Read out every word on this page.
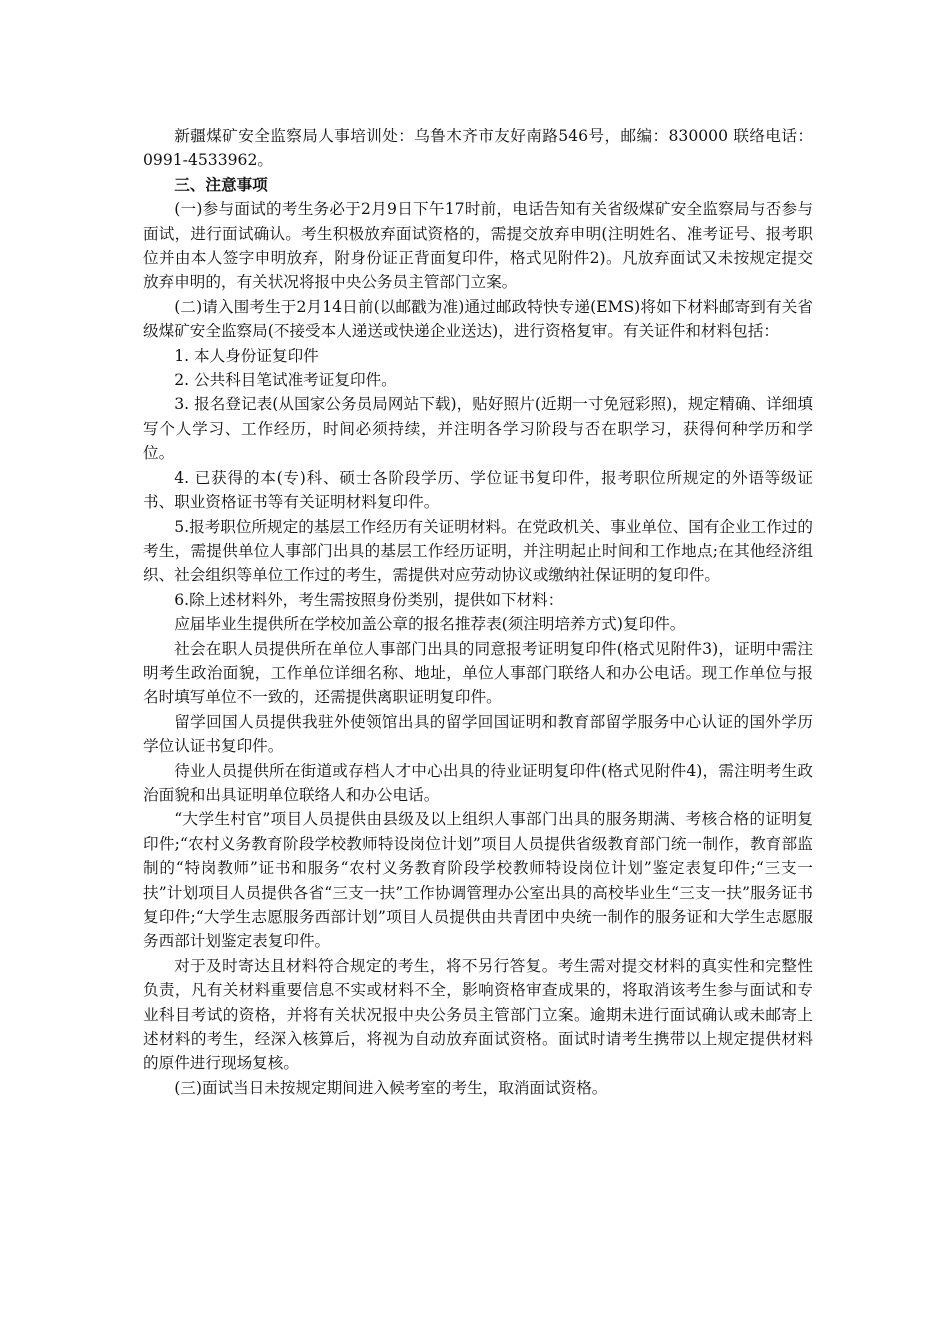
新疆煤矿安全监察局人事培训处：乌鲁木齐市友好南路546号，邮编：830000 联络电话：0991-4533962。

三、注意事项

(一)参与面试的考生务必于2月9日下午17时前，电话告知有关省级煤矿安全监察局与否参与面试，进行面试确认。考生积极放弃面试资格的，需提交放弃申明(注明姓名、准考证号、报考职位并由本人签字申明放弃，附身份证正背面复印件，格式见附件2)。凡放弃面试又未按规定提交放弃申明的，有关状况将报中央公务员主管部门立案。

(二)请入围考生于2月14日前(以邮戳为准)通过邮政特快专递(EMS)将如下材料邮寄到有关省级煤矿安全监察局(不接受本人递送或快递企业送达)，进行资格复审。有关证件和材料包括：

1. 本人身份证复印件

2. 公共科目笔试准考证复印件。

3. 报名登记表(从国家公务员局网站下载)，贴好照片(近期一寸免冠彩照)，规定精确、详细填写个人学习、工作经历，时间必须持续，并注明各学习阶段与否在职学习，获得何种学历和学位。

4. 已获得的本(专)科、硕士各阶段学历、学位证书复印件，报考职位所规定的外语等级证书、职业资格证书等有关证明材料复印件。

5.报考职位所规定的基层工作经历有关证明材料。在党政机关、事业单位、国有企业工作过的考生，需提供单位人事部门出具的基层工作经历证明，并注明起止时间和工作地点;在其他经济组织、社会组织等单位工作过的考生，需提供对应劳动协议或缴纳社保证明的复印件。

6.除上述材料外，考生需按照身份类别，提供如下材料：

应届毕业生提供所在学校加盖公章的报名推荐表(须注明培养方式)复印件。

社会在职人员提供所在单位人事部门出具的同意报考证明复印件(格式见附件3)，证明中需注明考生政治面貌，工作单位详细名称、地址，单位人事部门联络人和办公电话。现工作单位与报名时填写单位不一致的，还需提供离职证明复印件。

留学回国人员提供我驻外使领馆出具的留学回国证明和教育部留学服务中心认证的国外学历学位认证书复印件。

待业人员提供所在街道或存档人才中心出具的待业证明复印件(格式见附件4)，需注明考生政治面貌和出具证明单位联络人和办公电话。

“大学生村官”项目人员提供由县级及以上组织人事部门出具的服务期满、考核合格的证明复印件;“农村义务教育阶段学校教师特设岗位计划”项目人员提供省级教育部门统一制作，教育部监制的“特岗教师”证书和服务“农村义务教育阶段学校教师特设岗位计划”鉴定表复印件;“三支一扶”计划项目人员提供各省“三支一扶”工作协调管理办公室出具的高校毕业生“三支一扶”服务证书复印件;“大学生志愿服务西部计划”项目人员提供由共青团中央统一制作的服务证和大学生志愿服务西部计划鉴定表复印件。

对于及时寄达且材料符合规定的考生，将不另行答复。考生需对提交材料的真实性和完整性负责，凡有关材料重要信息不实或材料不全，影响资格审查成果的，将取消该考生参与面试和专业科目考试的资格，并将有关状况报中央公务员主管部门立案。逾期未进行面试确认或未邮寄上述材料的考生，经深入核算后，将视为自动放弃面试资格。面试时请考生携带以上规定提供材料的原件进行现场复核。

(三)面试当日未按规定期间进入候考室的考生，取消面试资格。
